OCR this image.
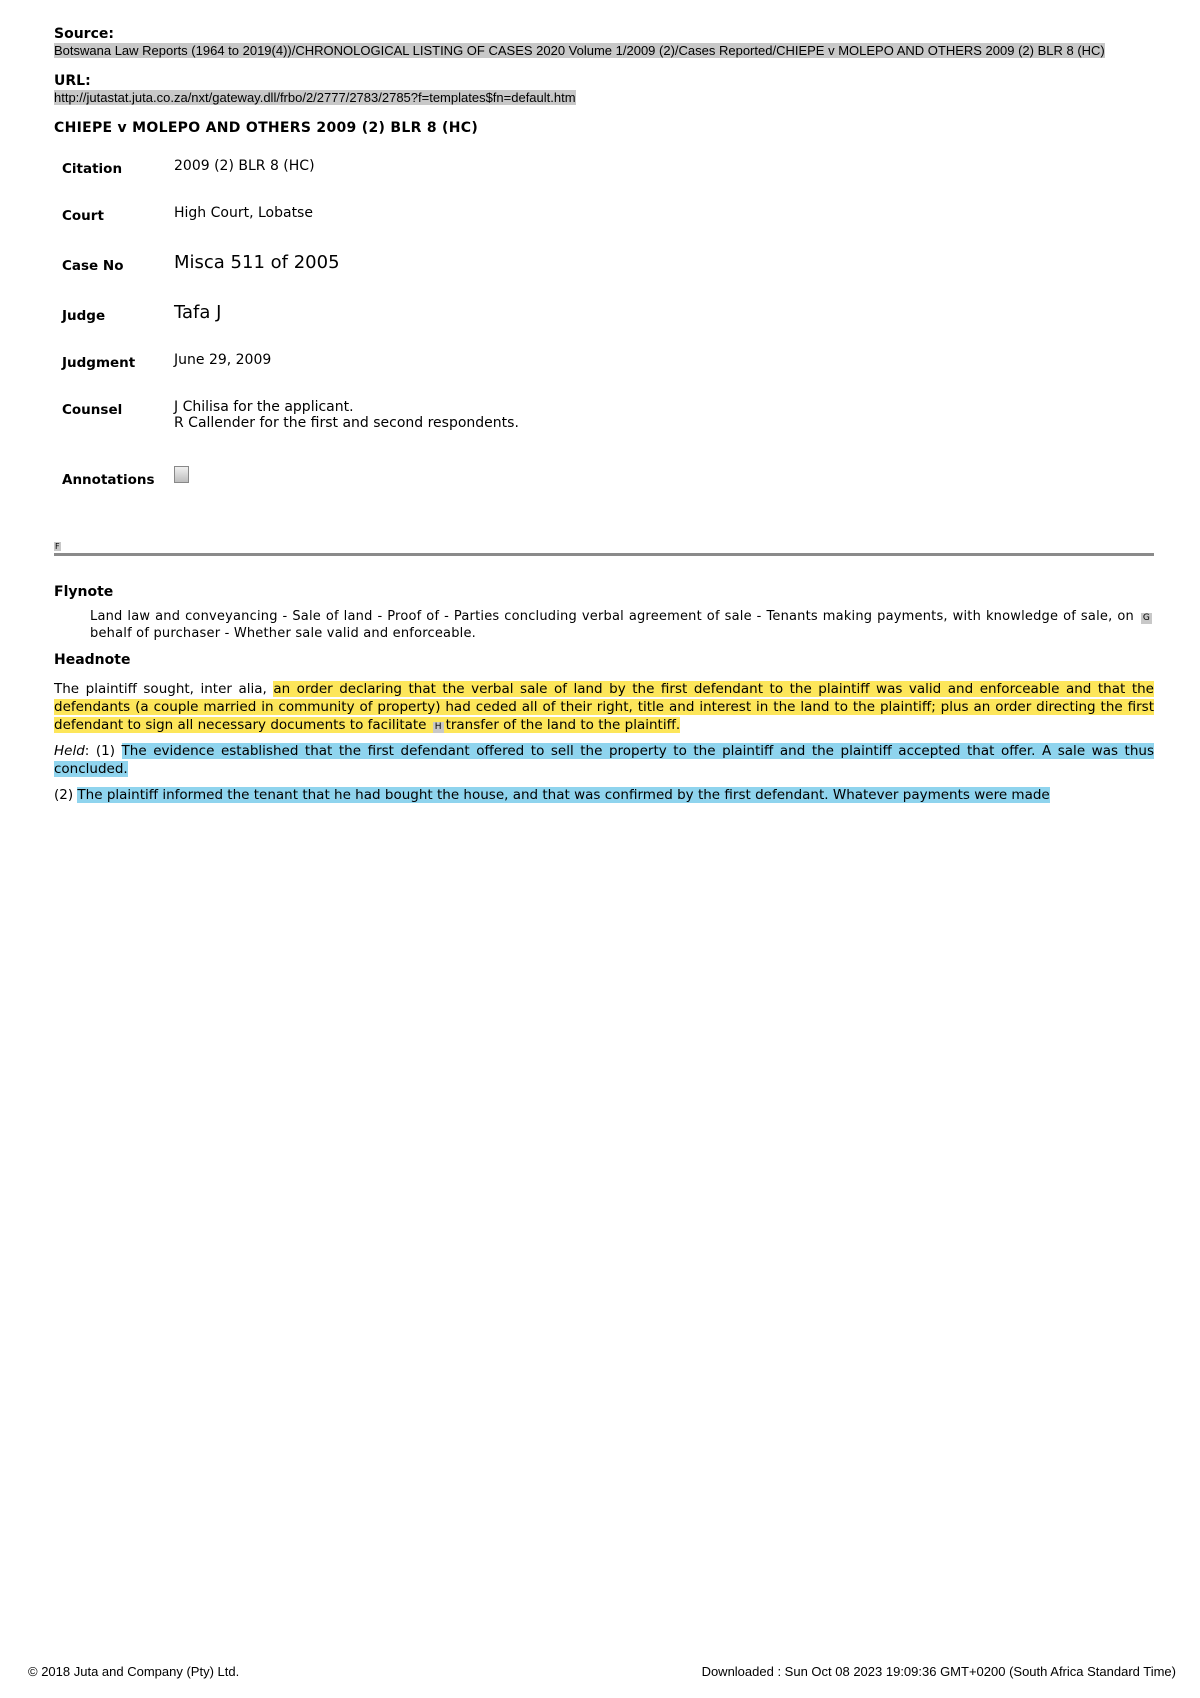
Source:
Botswana Law Reports (1964 to 2019(4))/CHRONOLOGICAL LISTING OF CASES 2020 Volume 1/2009 (2)/Cases Reported/CHIEPE v MOLEPO AND OTHERS 2009 (2) BLR 8 (HC)
URL:
http://jutastat.juta.co.za/nxt/gateway.dll/frbo/2/2777/2783/2785?f=templates$fn=default.htm
CHIEPE v MOLEPO AND OTHERS 2009 (2) BLR 8 (HC)
Citation	2009 (2) BLR 8 (HC)
Court	High Court, Lobatse
Case No	Misca 511 of 2005
Judge	Tafa J
Judgment	June 29, 2009
Counsel	J Chilisa for the applicant.
R Callender for the first and second respondents.

Annotations	
F
Flynote
Land law and conveyancing - Sale of land - Proof of - Parties concluding verbal agreement of sale - Tenants making payments, with knowledge of sale, on Gbehalf of purchaser - Whether sale valid and enforceable.
Headnote

The plaintiff sought, inter alia, an order declaring that the verbal sale of land by the first defendant to the plaintiff was valid and enforceable and that the defendants (a couple married in community of property) had ceded all of their right, title and interest in the land to the plaintiff; plus an order directing the first defendant to sign all necessary documents to facilitate H transfer of the land to the plaintiff.

Held: (1) The evidence established that the first defendant offered to sell the property to the plaintiff and the plaintiff accepted that offer. A sale was thus concluded.

(2) The plaintiff informed the tenant that he had bought the house, and that was confirmed by the first defendant. Whatever payments were made

© 2018 Juta and Company (Pty) Ltd.	Downloaded : Sun Oct 08 2023 19:09:36 GMT+0200 (South Africa Standard Time)
